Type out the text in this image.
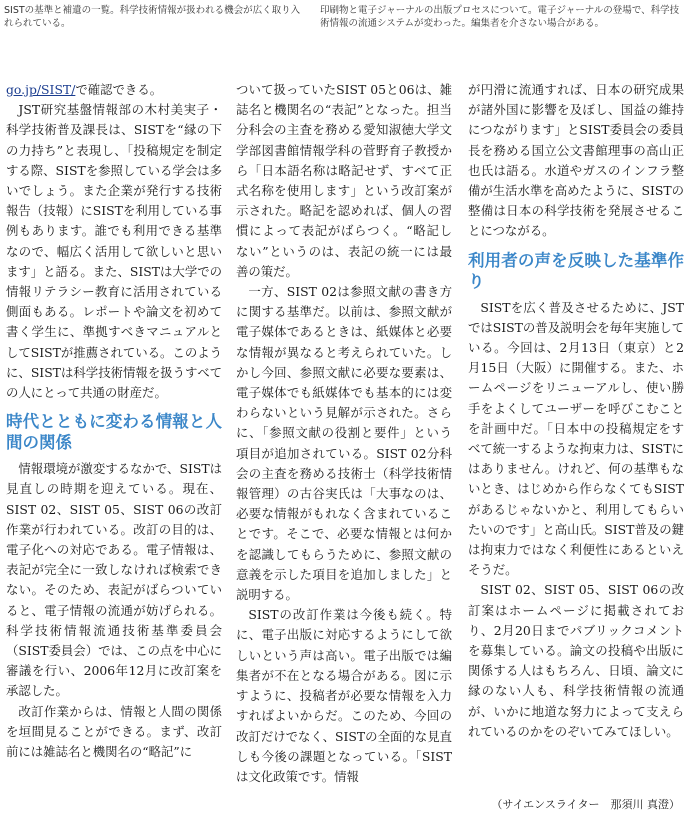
SISTの基準と補遺の一覧。科学技術情報が扱われる機会が広く取り入れられている。
印刷物と電子ジャーナルの出版プロセスについて。電子ジャーナルの登場で、科学技術情報の流通システムが変わった。編集者を介さない場合がある。

go.jp/SIST/で確認できる。

JST研究基盤情報部の木村美実子・科学技術普及課長は、SISTを“縁の下の力持ち”と表現し、「投稿規定を制定する際、SISTを参照している学会は多いでしょう。また企業が発行する技術報告（技報）にSISTを利用している事例もあります。誰でも利用できる基準なので、幅広く活用して欲しいと思います」と語る。また、SISTは大学での情報リテラシー教育に活用されている側面もある。レポートや論文を初めて書く学生に、準拠すべきマニュアルとしてSISTが推薦されている。このように、SISTは科学技術情報を扱うすべての人にとって共通の財産だ。

時代とともに変わる情報と人間の関係

情報環境が激変するなかで、SISTは見直しの時期を迎えている。現在、SIST 02、SIST 05、SIST 06の改訂作業が行われている。改訂の目的は、電子化への対応である。電子情報は、表記が完全に一致しなければ検索できない。そのため、表記がばらついていると、電子情報の流通が妨げられる。科学技術情報流通技術基準委員会（SIST委員会）では、この点を中心に審議を行い、2006年12月に改訂案を承認した。

改訂作業からは、情報と人間の関係を垣間見ることができる。まず、改訂前には雑誌名と機関名の“略記”に

ついて扱っていたSIST 05と06は、雑誌名と機関名の“表記”となった。担当分科会の主査を務める愛知淑徳大学文学部図書館情報学科の菅野育子教授から「日本語名称は略記せず、すべて正式名称を使用します」という改訂案が示された。略記を認めれば、個人の習慣によって表記がばらつく。“略記しない”というのは、表記の統一には最善の策だ。

一方、SIST 02は参照文献の書き方に関する基準だ。以前は、参照文献が電子媒体であるときは、紙媒体と必要な情報が異なると考えられていた。しかし今回、参照文献に必要な要素は、電子媒体でも紙媒体でも基本的には変わらないという見解が示された。さらに、「参照文献の役割と要件」という項目が追加されている。SIST 02分科会の主査を務める技術士（科学技術情報管理）の古谷実氏は「大事なのは、必要な情報がもれなく含まれていることです。そこで、必要な情報とは何かを認識してもらうために、参照文献の意義を示した項目を追加しました」と説明する。

SISTの改訂作業は今後も続く。特に、電子出版に対応するようにして欲しいという声は高い。電子出版では編集者が不在となる場合がある。図に示すように、投稿者が必要な情報を入力すればよいからだ。このため、今回の改訂だけでなく、SISTの全面的な見直しも今後の課題となっている。「SISTは文化政策です。情報

が円滑に流通すれば、日本の研究成果が諸外国に影響を及ぼし、国益の維持につながります」とSIST委員会の委員長を務める国立公文書館理事の高山正也氏は語る。水道やガスのインフラ整備が生活水準を高めたように、SISTの整備は日本の科学技術を発展させることにつながる。

利用者の声を反映した基準作り

SISTを広く普及させるために、JSTではSISTの普及説明会を毎年実施している。今回は、2月13日（東京）と2月15日（大阪）に開催する。また、ホームページをリニューアルし、使い勝手をよくしてユーザーを呼びこむことを計画中だ。「日本中の投稿規定をすべて統一するような拘束力は、SISTにはありません。けれど、何の基準もないとき、はじめから作らなくてもSISTがあるじゃないかと、利用してもらいたいのです」と高山氏。SIST普及の鍵は拘束力ではなく利便性にあるといえそうだ。

SIST 02、SIST 05、SIST 06の改訂案はホームページに掲載されており、2月20日までパブリックコメントを募集している。論文の投稿や出版に関係する人はもちろん、日頃、論文に縁のない人も、科学技術情報の流通が、いかに地道な努力によって支えられているのかをのぞいてみてほしい。

（サイエンスライター　那須川 真澄）
